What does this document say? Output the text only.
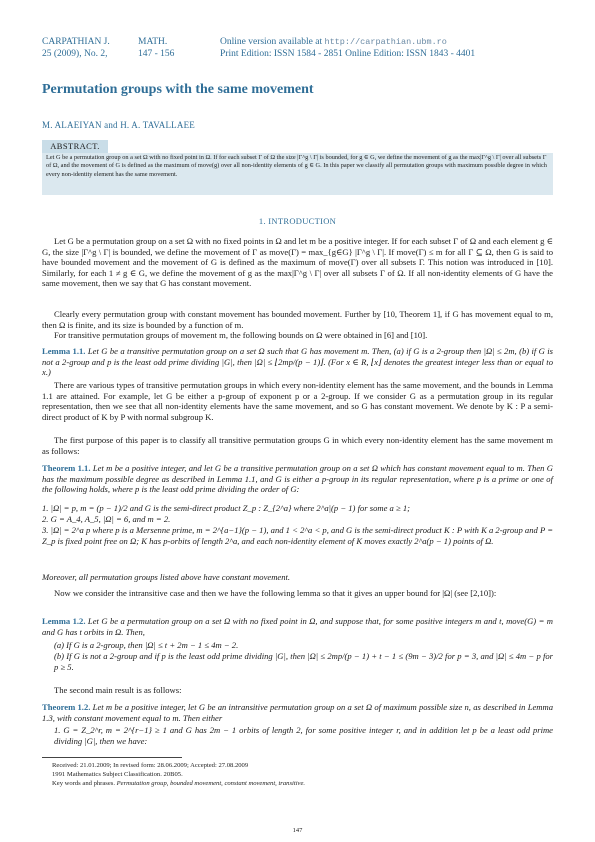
CARPATHIAN J.	MATH.
25 (2009), No. 2,	147 - 156
Online version available at http://carpathian.ubm.ro
Print Edition: ISSN 1584 - 2851 Online Edition: ISSN 1843 - 4401
Permutation groups with the same movement
M. ALAEIYAN and H. A. TAVALLAEE
ABSTRACT.
Let G be a permutation group on a set Ω with no fixed point in Ω. If for each subset Γ of Ω the size |Γ^g \ Γ| is bounded, for g ∈ G, we define the movement of g as the max|Γ^g \ Γ| over all subsets Γ of Ω, and the movement of G is defined as the maximum of move(g) over all non-identity elements of g ∈ G. In this paper we classify all permutation groups with maximum possible degree in which every non-identity element has the same movement.
1. INTRODUCTION
Let G be a permutation group on a set Ω with no fixed points in Ω and let m be a positive integer. If for each subset Γ of Ω and each element g ∈ G, the size |Γ^g \ Γ| is bounded, we define the movement of Γ as move(Γ) = max_{g∈G} |Γ^g \ Γ|. If move(Γ) ≤ m for all Γ ⊆ Ω, then G is said to have bounded movement and the movement of G is defined as the maximum of move(Γ) over all subsets Γ. This notion was introduced in [10]. Similarly, for each 1 ≠ g ∈ G, we define the movement of g as the max|Γ^g \ Γ| over all subsets Γ of Ω. If all non-identity elements of G have the same movement, then we say that G has constant movement.
Clearly every permutation group with constant movement has bounded movement. Further by [10, Theorem 1], if G has movement equal to m, then Ω is finite, and its size is bounded by a function of m.
For transitive permutation groups of movement m, the following bounds on Ω were obtained in [6] and [10].
Lemma 1.1. Let G be a transitive permutation group on a set Ω such that G has movement m. Then, (a) if G is a 2-group then |Ω| ≤ 2m, (b) if G is not a 2-group and p is the least odd prime dividing |G|, then |Ω| ≤ ⌊2mp/(p − 1)⌋. (For x ∈ R, ⌊x⌋ denotes the greatest integer less than or equal to x.)
There are various types of transitive permutation groups in which every non-identity element has the same movement, and the bounds in Lemma 1.1 are attained. For example, let G be either a p-group of exponent p or a 2-group. If we consider G as a permutation group in its regular representation, then we see that all non-identity elements have the same movement, and so G has constant movement. We denote by K : P a semi-direct product of K by P with normal subgroup K.
The first purpose of this paper is to classify all transitive permutation groups G in which every non-identity element has the same movement m as follows:
Theorem 1.1. Let m be a positive integer, and let G be a transitive permutation group on a set Ω which has constant movement equal to m. Then G has the maximum possible degree as described in Lemma 1.1, and G is either a p-group in its regular representation, where p is a prime or one of the following holds, where p is the least odd prime dividing the order of G:
1. |Ω| = p, m = (p − 1)/2 and G is the semi-direct product Z_p : Z_{2^a} where 2^a|(p − 1) for some a ≥ 1;
2. G = A_4, A_5, |Ω| = 6, and m = 2.
3. |Ω| = 2^a p where p is a Mersenne prime, m = 2^{a−1}(p − 1), and 1 < 2^a < p, and G is the semi-direct product K : P with K a 2-group and P = Z_p is fixed point free on Ω; K has p-orbits of length 2^a, and each non-identity element of K moves exactly 2^a(p − 1) points of Ω.
Moreover, all permutation groups listed above have constant movement.
Now we consider the intransitive case and then we have the following lemma so that it gives an upper bound for |Ω| (see [2,10]):
Lemma 1.2. Let G be a permutation group on a set Ω with no fixed point in Ω, and suppose that, for some positive integers m and t, move(G) = m and G has t orbits in Ω. Then,
(a) If G is a 2-group, then |Ω| ≤ t + 2m − 1 ≤ 4m − 2.
(b) If G is not a 2-group and if p is the least odd prime dividing |G|, then |Ω| ≤ 2mp/(p − 1) + t − 1 ≤ (9m − 3)/2 for p = 3, and |Ω| ≤ 4m − p for p ≥ 5.
The second main result is as follows:
Theorem 1.2. Let m be a positive integer, let G be an intransitive permutation group on a set Ω of maximum possible size n, as described in Lemma 1.3, with constant movement equal to m. Then either
1. G = Z_2^r, m = 2^{r−1} ≥ 1 and G has 2m − 1 orbits of length 2, for some positive integer r, and in addition let p be a least odd prime dividing |G|, then we have:
Received: 21.01.2009; In revised form: 28.06.2009; Accepted: 27.08.2009
1991 Mathematics Subject Classification. 20B05.
Key words and phrases. Permutation group, bounded movement, constant movement, transitive.
147
